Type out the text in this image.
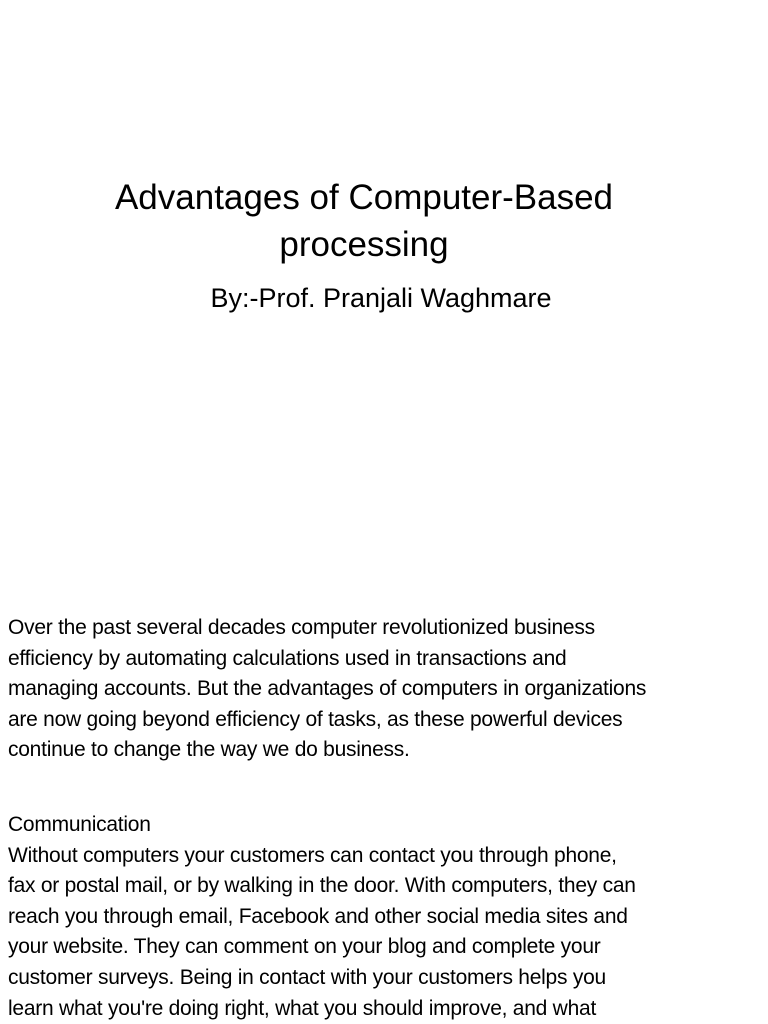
Advantages of Computer-Based
processing
By:-Prof. Pranjali Waghmare
Over the past several decades computer revolutionized business
efficiency by automating calculations used in transactions and
managing accounts. But the advantages of computers in organizations
are now going beyond efficiency of tasks, as these powerful devices
continue to change the way we do business.
Communication
Without computers your customers can contact you through phone,
fax or postal mail, or by walking in the door. With computers, they can
reach you through email, Facebook and other social media sites and
your website. They can comment on your blog and complete your
customer surveys. Being in contact with your customers helps you
learn what you're doing right, what you should improve, and what
